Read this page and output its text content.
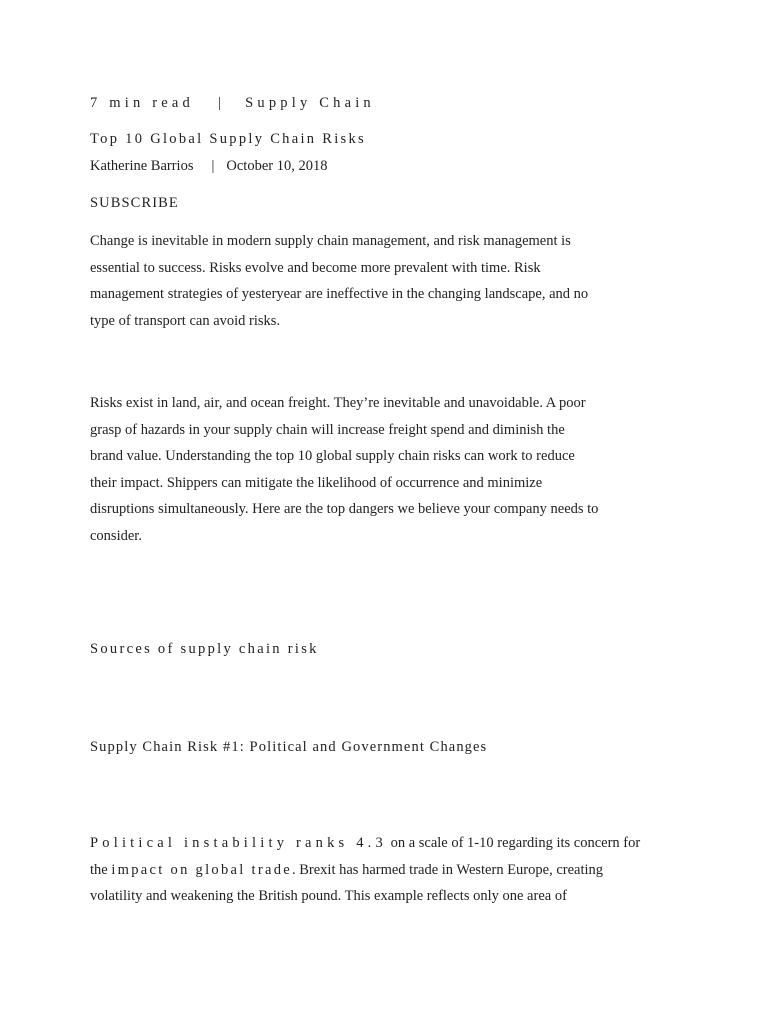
7 min read | Supply Chain
Top 10 Global Supply Chain Risks
Katherine Barrios | October 10, 2018
SUBSCRIBE
Change is inevitable in modern supply chain management, and risk management is
essential to success. Risks evolve and become more prevalent with time. Risk
management strategies of yesteryear are ineffective in the changing landscape, and no
type of transport can avoid risks.
Risks exist in land, air, and ocean freight. They’re inevitable and unavoidable. A poor
grasp of hazards in your supply chain will increase freight spend and diminish the
brand value. Understanding the top 10 global supply chain risks can work to reduce
their impact. Shippers can mitigate the likelihood of occurrence and minimize
disruptions simultaneously. Here are the top dangers we believe your company needs to
consider.
Sources of supply chain risk
Supply Chain Risk #1: Political and Government Changes
Political instability ranks 4.3 on a scale of 1-10 regarding its concern for
the impact on global trade. Brexit has harmed trade in Western Europe, creating
volatility and weakening the British pound. This example reflects only one area of
